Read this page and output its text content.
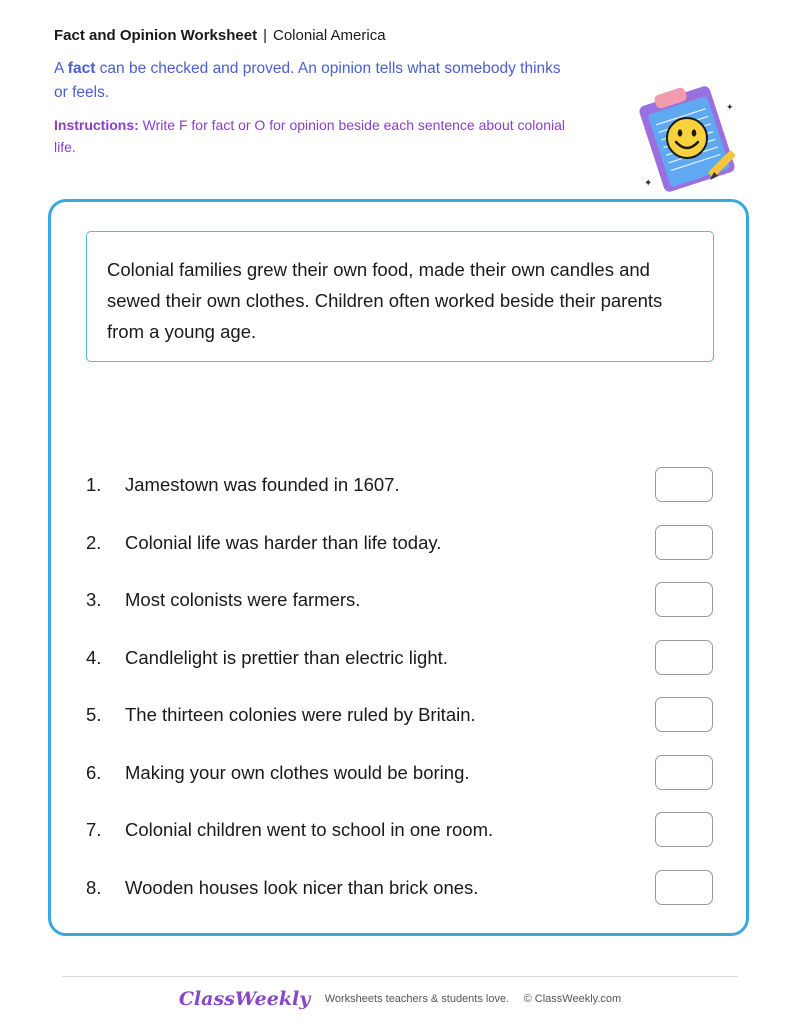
Fact and Opinion Worksheet | Colonial America
A fact can be checked and proved. An opinion tells what somebody thinks or feels.
Instructions: Write F for fact or O for opinion beside each sentence about colonial life.
✦
✦
Colonial families grew their own food, made their own candles and sewed their own clothes. Children often worked beside their parents from a young age.
1. Jamestown was founded in 1607.
2. Colonial life was harder than life today.
3. Most colonists were farmers.
4. Candlelight is prettier than electric light.
5. The thirteen colonies were ruled by Britain.
6. Making your own clothes would be boring.
7. Colonial children went to school in one room.
8. Wooden houses look nicer than brick ones.
ClassWeekly Worksheets teachers & students love. © ClassWeekly.com
